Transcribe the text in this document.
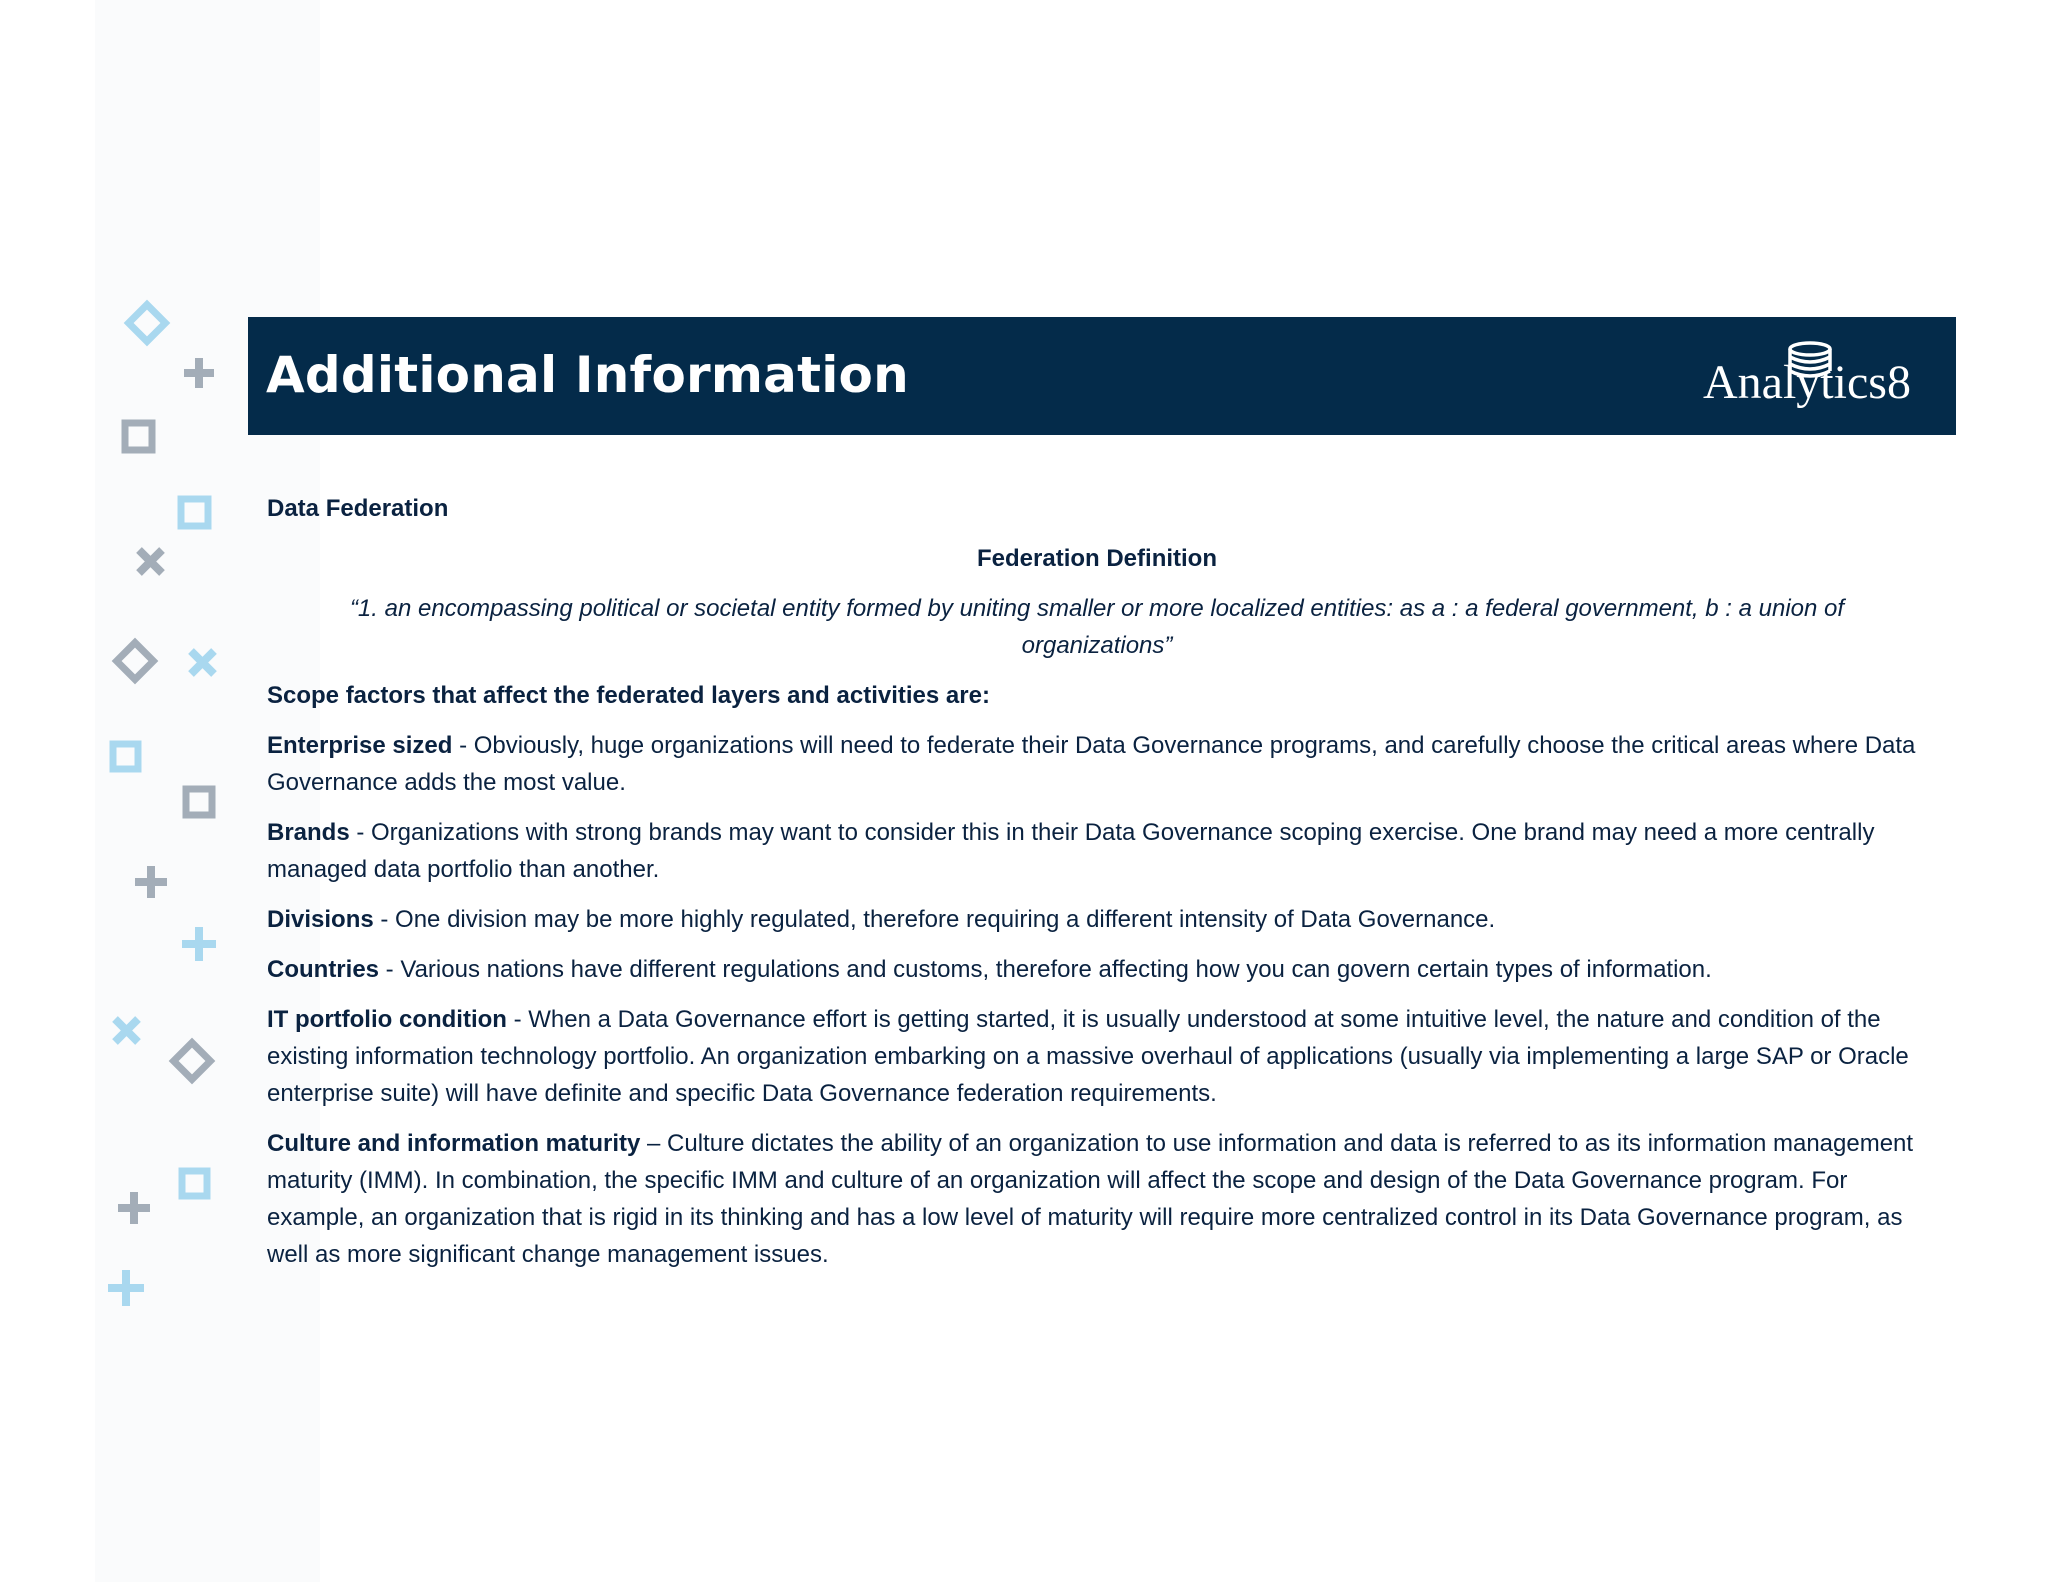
Additional Information	Analytics8

Data Federation

Federation Definition

“1. an encompassing political or societal entity formed by uniting smaller or more localized entities: as a : a federal government, b : a union of organizations”

Scope factors that affect the federated layers and activities are:

Enterprise sized - Obviously, huge organizations will need to federate their Data Governance programs, and carefully choose the critical areas where Data Governance adds the most value.

Brands - Organizations with strong brands may want to consider this in their Data Governance scoping exercise. One brand may need a more centrally managed data portfolio than another.

Divisions - One division may be more highly regulated, therefore requiring a different intensity of Data Governance.

Countries - Various nations have different regulations and customs, therefore affecting how you can govern certain types of information.

IT portfolio condition - When a Data Governance effort is getting started, it is usually understood at some intuitive level, the nature and condition of the existing information technology portfolio. An organization embarking on a massive overhaul of applications (usually via implementing a large SAP or Oracle enterprise suite) will have definite and specific Data Governance federation requirements.

Culture and information maturity – Culture dictates the ability of an organization to use information and data is referred to as its information management maturity (IMM). In combination, the specific IMM and culture of an organization will affect the scope and design of the Data Governance program. For example, an organization that is rigid in its thinking and has a low level of maturity will require more centralized control in its Data Governance program, as well as more significant change management issues.
